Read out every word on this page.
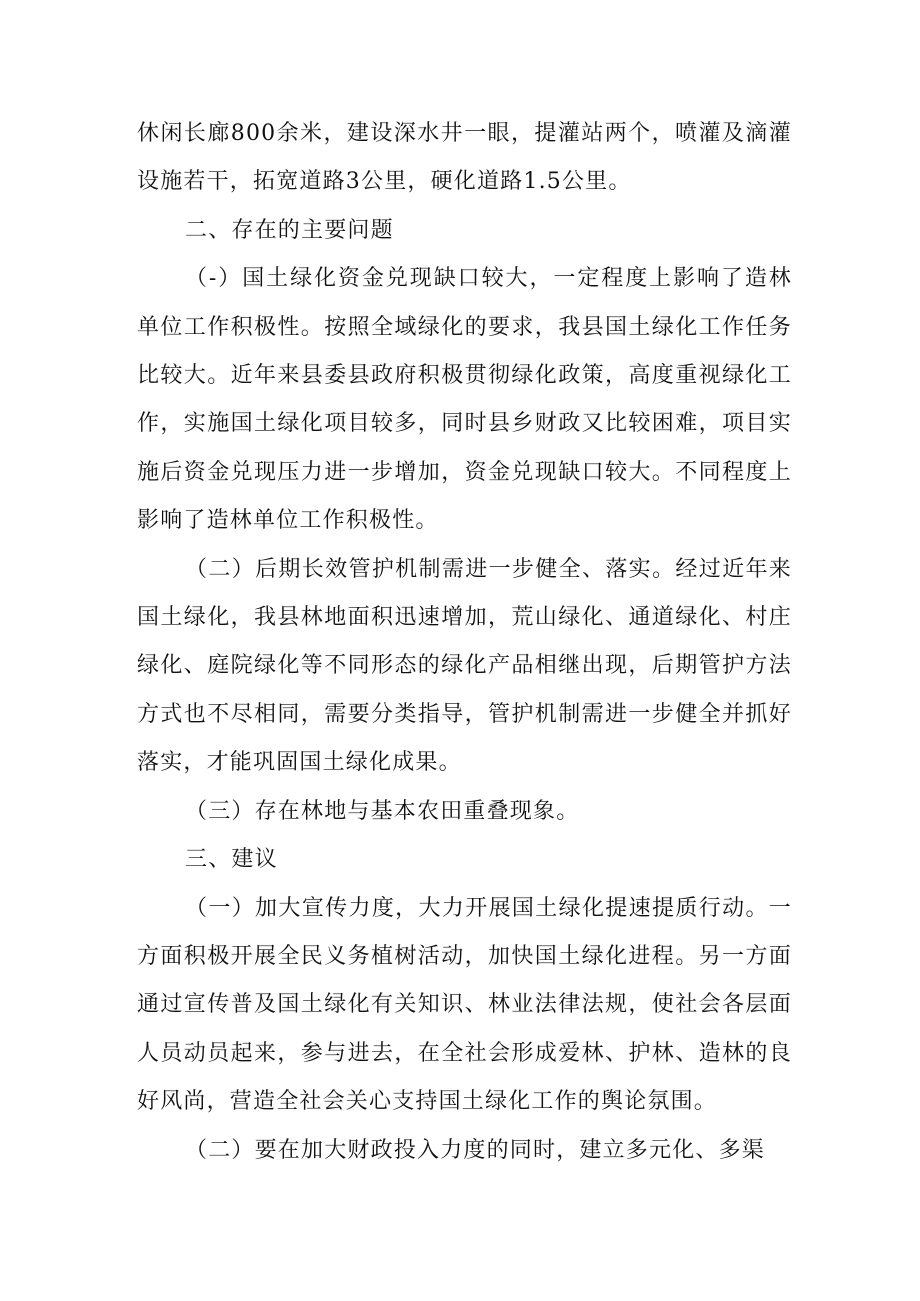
休闲长廊800余米，建设深水井一眼，提灌站两个，喷灌及滴灌设施若干，拓宽道路3公里，硬化道路1.5公里。

二、存在的主要问题

（-）国土绿化资金兑现缺口较大，一定程度上影响了造林单位工作积极性。按照全域绿化的要求，我县国土绿化工作任务比较大。近年来县委县政府积极贯彻绿化政策，高度重视绿化工作，实施国土绿化项目较多，同时县乡财政又比较困难，项目实施后资金兑现压力进一步增加，资金兑现缺口较大。不同程度上影响了造林单位工作积极性。

（二）后期长效管护机制需进一步健全、落实。经过近年来国土绿化，我县林地面积迅速增加，荒山绿化、通道绿化、村庄绿化、庭院绿化等不同形态的绿化产品相继出现，后期管护方法方式也不尽相同，需要分类指导，管护机制需进一步健全并抓好落实，才能巩固国土绿化成果。

（三）存在林地与基本农田重叠现象。

三、建议

（一）加大宣传力度，大力开展国土绿化提速提质行动。一方面积极开展全民义务植树活动，加快国土绿化进程。另一方面通过宣传普及国土绿化有关知识、林业法律法规，使社会各层面人员动员起来，参与进去，在全社会形成爱林、护林、造林的良好风尚，营造全社会关心支持国土绿化工作的舆论氛围。

（二）要在加大财政投入力度的同时，建立多元化、多渠
